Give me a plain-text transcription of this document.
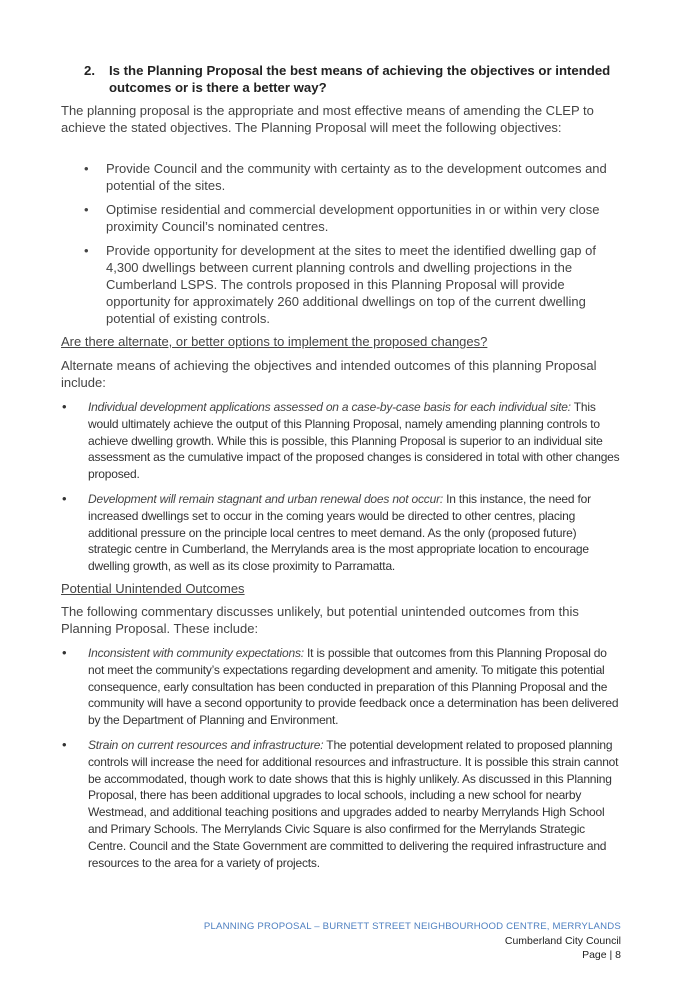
2.	Is the Planning Proposal the best means of achieving the objectives or intended outcomes or is there a better way?

The planning proposal is the appropriate and most effective means of amending the CLEP to achieve the stated objectives. The Planning Proposal will meet the following objectives:

• Provide Council and the community with certainty as to the development outcomes and potential of the sites.
• Optimise residential and commercial development opportunities in or within very close proximity Council’s nominated centres.
• Provide opportunity for development at the sites to meet the identified dwelling gap of 4,300 dwellings between current planning controls and dwelling projections in the Cumberland LSPS. The controls proposed in this Planning Proposal will provide opportunity for approximately 260 additional dwellings on top of the current dwelling potential of existing controls.
Are there alternate, or better options to implement the proposed changes?

Alternate means of achieving the objectives and intended outcomes of this planning Proposal include:

• Individual development applications assessed on a case-by-case basis for each individual site: This would ultimately achieve the output of this Planning Proposal, namely amending planning controls to achieve dwelling growth. While this is possible, this Planning Proposal is superior to an individual site assessment as the cumulative impact of the proposed changes is considered in total with other changes proposed.
• Development will remain stagnant and urban renewal does not occur: In this instance, the need for increased dwellings set to occur in the coming years would be directed to other centres, placing additional pressure on the principle local centres to meet demand. As the only (proposed future) strategic centre in Cumberland, the Merrylands area is the most appropriate location to encourage dwelling growth, as well as its close proximity to Parramatta.
Potential Unintended Outcomes

The following commentary discusses unlikely, but potential unintended outcomes from this Planning Proposal. These include:

• Inconsistent with community expectations: It is possible that outcomes from this Planning Proposal do not meet the community’s expectations regarding development and amenity. To mitigate this potential consequence, early consultation has been conducted in preparation of this Planning Proposal and the community will have a second opportunity to provide feedback once a determination has been delivered by the Department of Planning and Environment.
• Strain on current resources and infrastructure: The potential development related to proposed planning controls will increase the need for additional resources and infrastructure. It is possible this strain cannot be accommodated, though work to date shows that this is highly unlikely. As discussed in this Planning Proposal, there has been additional upgrades to local schools, including a new school for nearby Westmead, and additional teaching positions and upgrades added to nearby Merrylands High School and Primary Schools. The Merrylands Civic Square is also confirmed for the Merrylands Strategic Centre. Council and the State Government are committed to delivering the required infrastructure and resources to the area for a variety of projects.
PLANNING PROPOSAL – BURNETT STREET NEIGHBOURHOOD CENTRE, MERRYLANDS
Cumberland City Council
Page | 8
